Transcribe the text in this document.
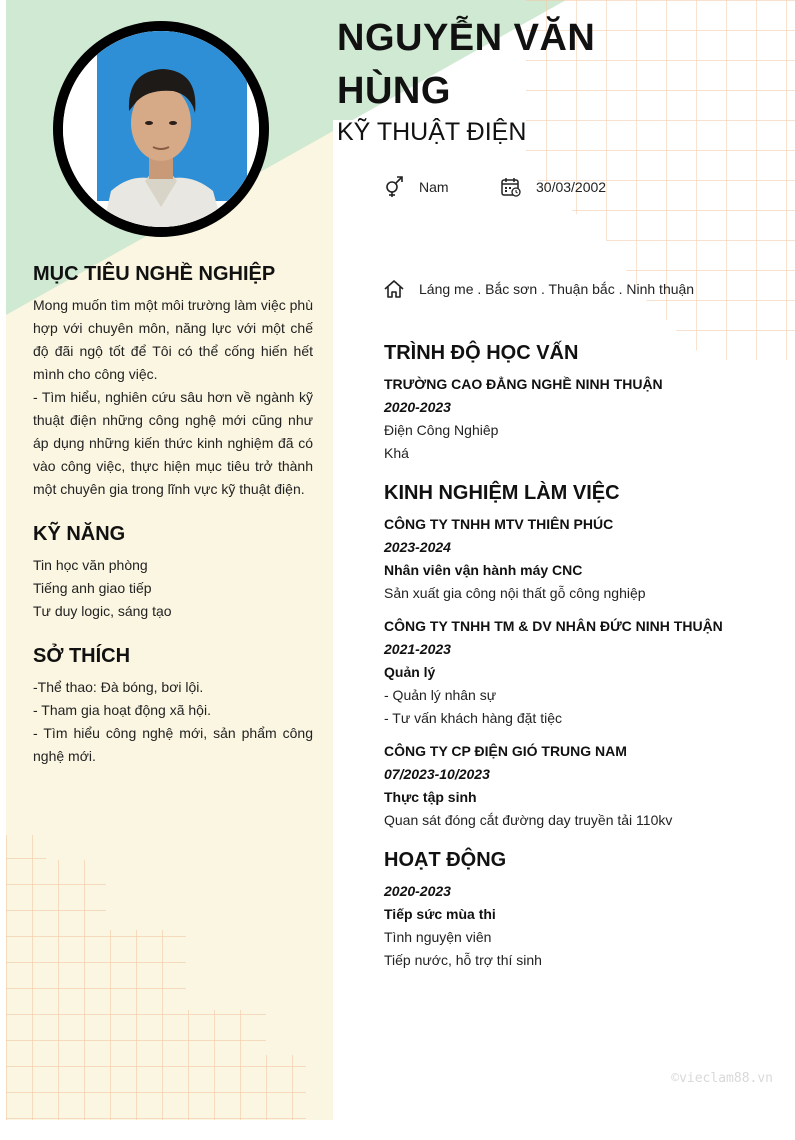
NGUYỄN VĂN HÙNG
KỸ THUẬT ĐIỆN
Nam	30/03/2002
Láng me . Bắc sơn . Thuận bắc . Ninh thuận
MỤC TIÊU NGHỀ NGHIỆP

Mong muốn tìm một môi trường làm việc phù hợp với chuyên môn, năng lực với một chế độ đãi ngộ tốt để Tôi có thể cống hiến hết mình cho công việc.

- Tìm hiểu, nghiên cứu sâu hơn về ngành kỹ thuật điện những công nghệ mới cũng như áp dụng những kiến thức kinh nghiệm đã có vào công việc, thực hiện mục tiêu trở thành một chuyên gia trong lĩnh vực kỹ thuật điện.

KỸ NĂNG
Tin học văn phòng
Tiếng anh giao tiếp
Tư duy logic, sáng tạo
SỞ THÍCH
-Thể thao: Đà bóng, bơi lội.
- Tham gia hoạt động xã hội.
- Tìm hiểu công nghệ mới, sản phẩm công nghệ mới.
TRÌNH ĐỘ HỌC VẤN
TRƯỜNG CAO ĐẲNG NGHỀ NINH THUẬN
2020-2023
Điện Công Nghiêp
Khá
KINH NGHIỆM LÀM VIỆC
CÔNG TY TNHH MTV THIÊN PHÚC
2023-2024
Nhân viên vận hành máy CNC
Sản xuất gia công nội thất gỗ công nghiệp
CÔNG TY TNHH TM & DV NHÂN ĐỨC NINH THUẬN
2021-2023
Quản lý
- Quản lý nhân sự
- Tư vấn khách hàng đặt tiệc
CÔNG TY CP ĐIỆN GIÓ TRUNG NAM
07/2023-10/2023
Thực tập sinh
Quan sát đóng cắt đường day truyền tải 110kv
HOẠT ĐỘNG
2020-2023
Tiếp sức mùa thi
Tình nguyện viên
Tiếp nước, hỗ trợ thí sinh
©vieclam88.vn
